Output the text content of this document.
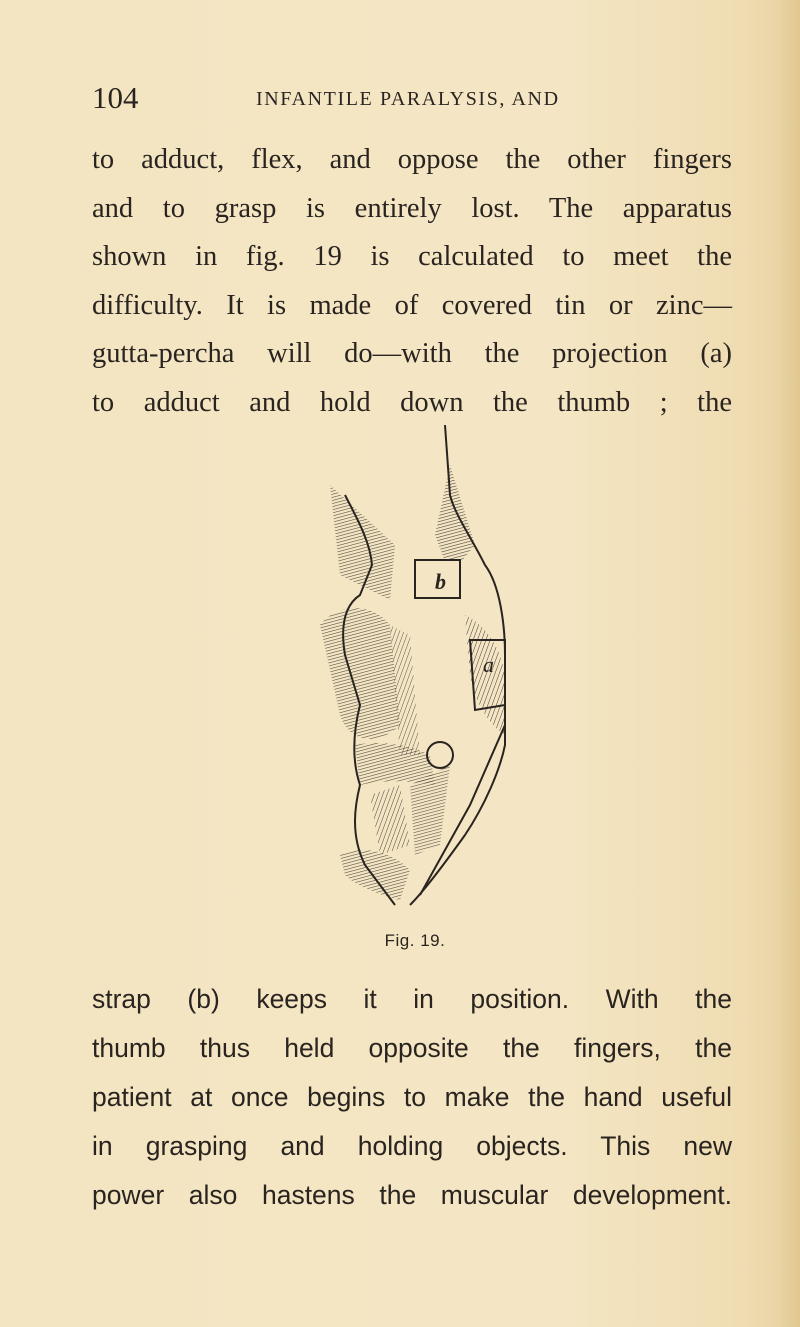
104	INFANTILE PARALYSIS, AND
to adduct, flex, and oppose the other fingers
and to grasp is entirely lost. The apparatus
shown in fig. 19 is calculated to meet the
difficulty. It is made of covered tin or zinc—
gutta-percha will do—with the projection (a)
to adduct and hold down the thumb ; the
b
a
Fig. 19.
strap (b) keeps it in position. With the
thumb thus held opposite the fingers, the
patient at once begins to make the hand useful
in grasping and holding objects. This new
power also hastens the muscular development.
